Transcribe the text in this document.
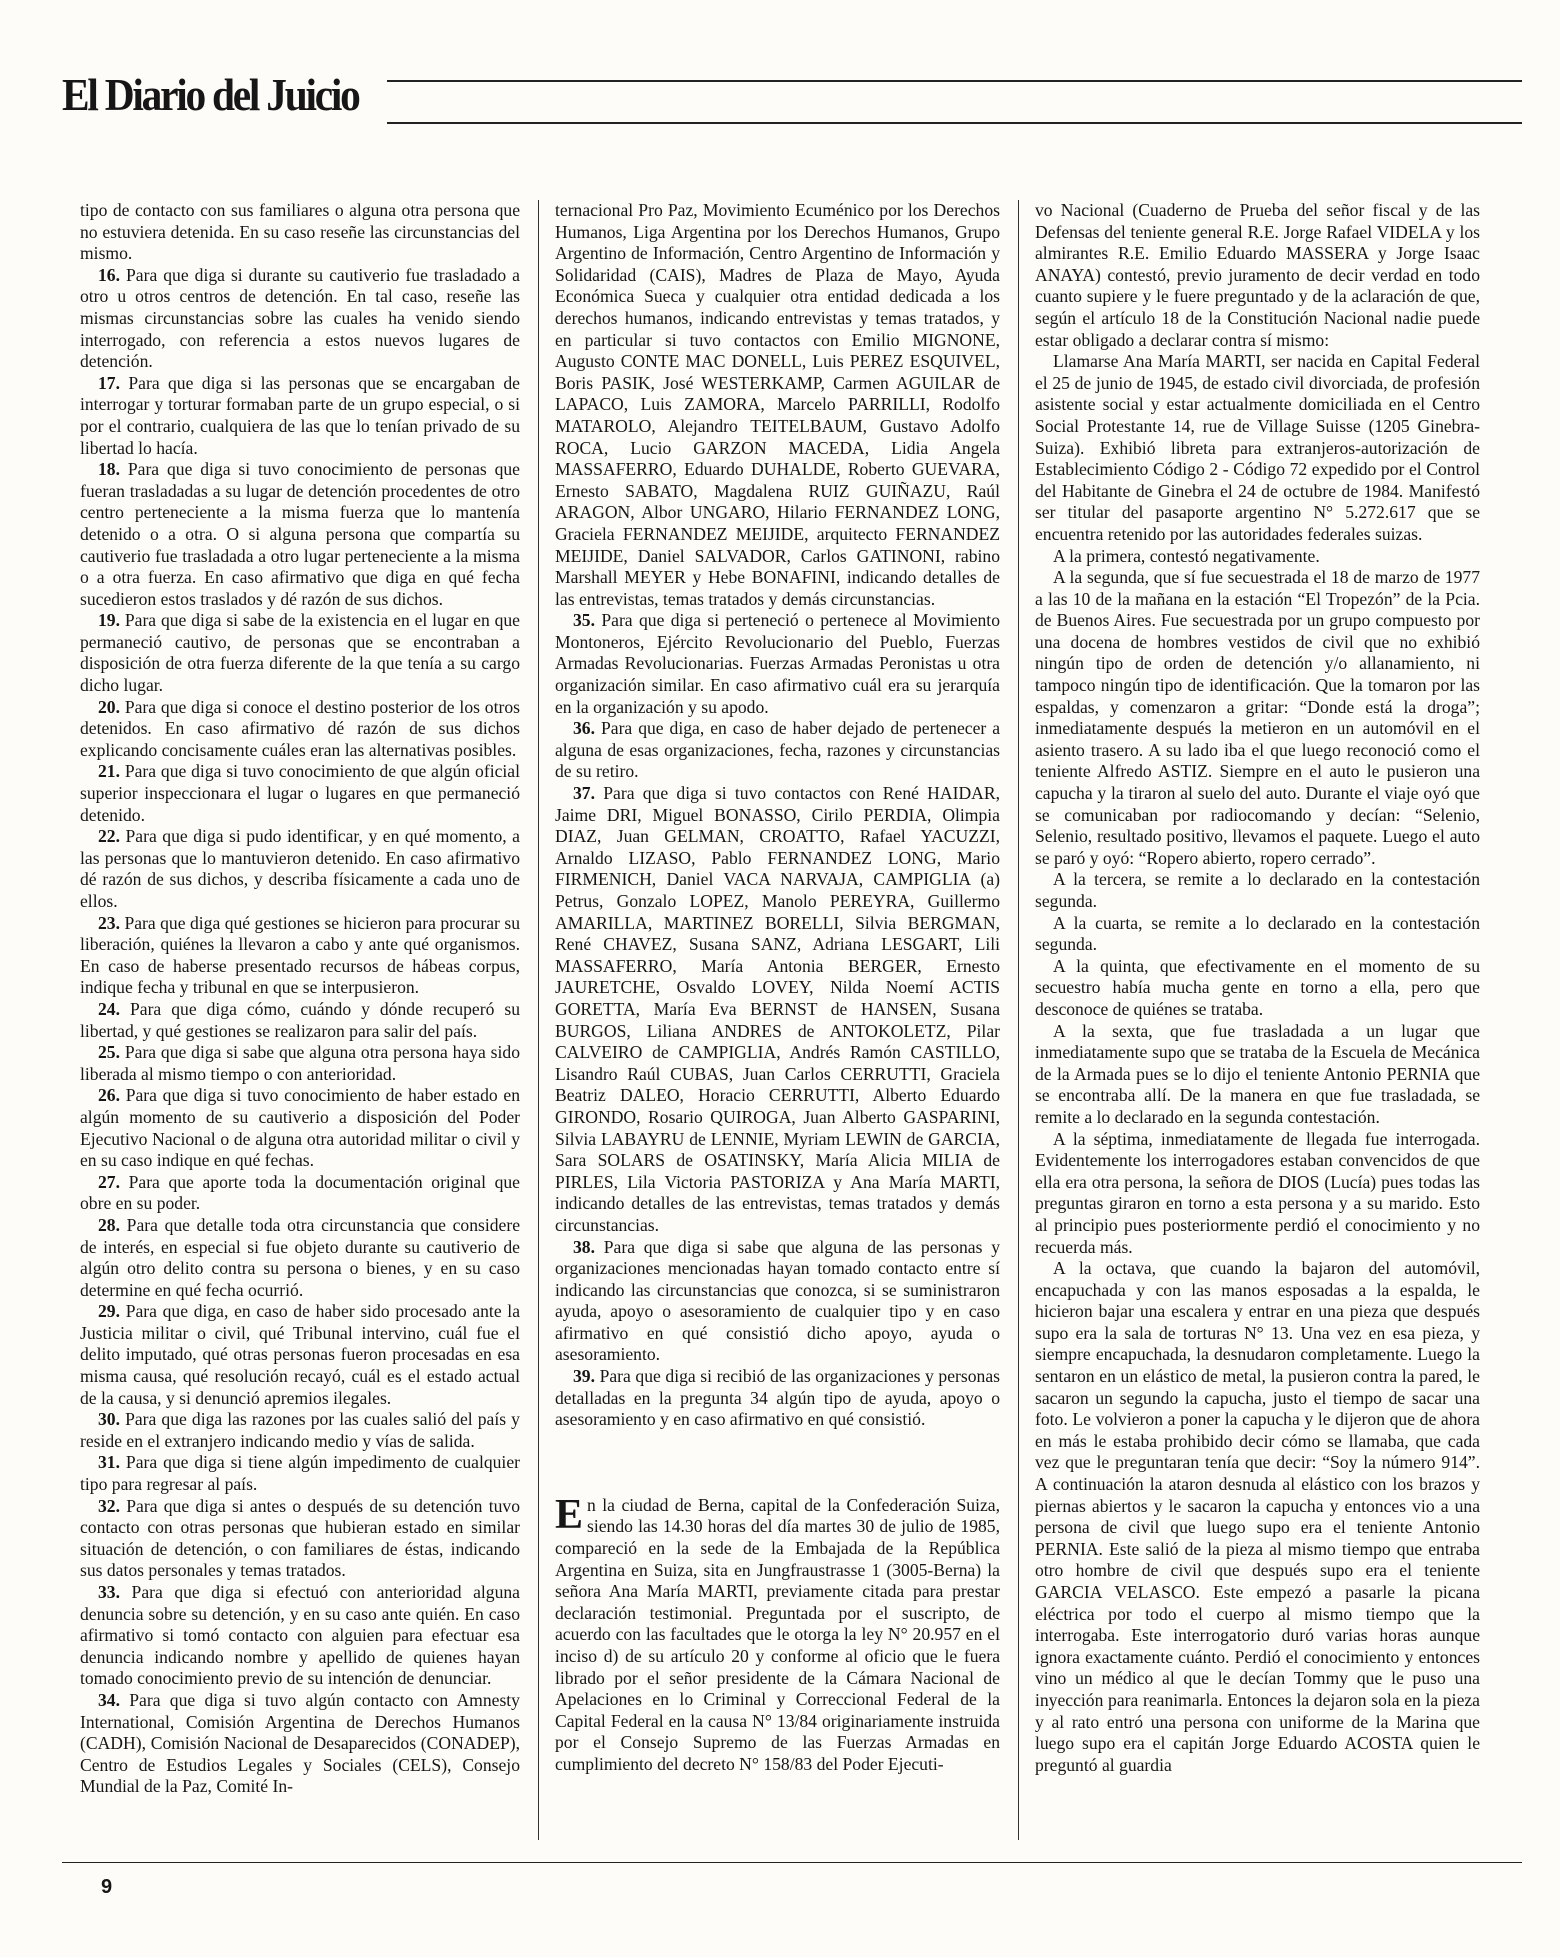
El Diario del Juicio

tipo de contacto con sus familiares o alguna otra persona que no estuviera detenida. En su caso reseñe las circunstancias del mismo.

16. Para que diga si durante su cautiverio fue trasladado a otro u otros centros de detención. En tal caso, reseñe las mismas circunstancias sobre las cuales ha venido siendo interrogado, con referencia a estos nuevos lugares de detención.

17. Para que diga si las personas que se encargaban de interrogar y torturar formaban parte de un grupo especial, o si por el contrario, cualquiera de las que lo tenían privado de su libertad lo hacía.

18. Para que diga si tuvo conocimiento de personas que fueran trasladadas a su lugar de detención procedentes de otro centro perteneciente a la misma fuerza que lo mantenía detenido o a otra. O si alguna persona que compartía su cautiverio fue trasladada a otro lugar perteneciente a la misma o a otra fuerza. En caso afirmativo que diga en qué fecha sucedieron estos traslados y dé razón de sus dichos.

19. Para que diga si sabe de la existencia en el lugar en que permaneció cautivo, de personas que se encontraban a disposición de otra fuerza diferente de la que tenía a su cargo dicho lugar.

20. Para que diga si conoce el destino posterior de los otros detenidos. En caso afirmativo dé razón de sus dichos explicando concisamente cuáles eran las alternativas posibles.

21. Para que diga si tuvo conocimiento de que algún oficial superior inspeccionara el lugar o lugares en que permaneció detenido.

22. Para que diga si pudo identificar, y en qué momento, a las personas que lo mantuvieron detenido. En caso afirmativo dé razón de sus dichos, y describa físicamente a cada uno de ellos.

23. Para que diga qué gestiones se hicieron para procurar su liberación, quiénes la llevaron a cabo y ante qué organismos. En caso de haberse presentado recursos de hábeas corpus, indique fecha y tribunal en que se interpusieron.

24. Para que diga cómo, cuándo y dónde recuperó su libertad, y qué gestiones se realizaron para salir del país.

25. Para que diga si sabe que alguna otra persona haya sido liberada al mismo tiempo o con anterioridad.

26. Para que diga si tuvo conocimiento de haber estado en algún momento de su cautiverio a disposición del Poder Ejecutivo Nacional o de alguna otra autoridad militar o civil y en su caso indique en qué fechas.

27. Para que aporte toda la documentación original que obre en su poder.

28. Para que detalle toda otra circunstancia que considere de interés, en especial si fue objeto durante su cautiverio de algún otro delito contra su persona o bienes, y en su caso determine en qué fecha ocurrió.

29. Para que diga, en caso de haber sido procesado ante la Justicia militar o civil, qué Tribunal intervino, cuál fue el delito imputado, qué otras personas fueron procesadas en esa misma causa, qué resolución recayó, cuál es el estado actual de la causa, y si denunció apremios ilegales.

30. Para que diga las razones por las cuales salió del país y reside en el extranjero indicando medio y vías de salida.

31. Para que diga si tiene algún impedimento de cualquier tipo para regresar al país.

32. Para que diga si antes o después de su detención tuvo contacto con otras personas que hubieran estado en similar situación de detención, o con familiares de éstas, indicando sus datos personales y temas tratados.

33. Para que diga si efectuó con anterioridad alguna denuncia sobre su detención, y en su caso ante quién. En caso afirmativo si tomó contacto con alguien para efectuar esa denuncia indicando nombre y apellido de quienes hayan tomado conocimiento previo de su intención de denunciar.

34. Para que diga si tuvo algún contacto con Amnesty International, Comisión Argentina de Derechos Humanos (CADH), Comisión Nacional de Desaparecidos (CONADEP), Centro de Estudios Legales y Sociales (CELS), Consejo Mundial de la Paz, Comité In-

ternacional Pro Paz, Movimiento Ecuménico por los Derechos Humanos, Liga Argentina por los Derechos Humanos, Grupo Argentino de Información, Centro Argentino de Información y Solidaridad (CAIS), Madres de Plaza de Mayo, Ayuda Económica Sueca y cualquier otra entidad dedicada a los derechos humanos, indicando entrevistas y temas tratados, y en particular si tuvo contactos con Emilio MIGNONE, Augusto CONTE MAC DONELL, Luis PEREZ ESQUIVEL, Boris PASIK, José WESTERKAMP, Carmen AGUILAR de LAPACO, Luis ZAMORA, Marcelo PARRILLI, Rodolfo MATAROLO, Alejandro TEITELBAUM, Gustavo Adolfo ROCA, Lucio GARZON MACEDA, Lidia Angela MASSAFERRO, Eduardo DUHALDE, Roberto GUEVARA, Ernesto SABATO, Magdalena RUIZ GUIÑAZU, Raúl ARAGON, Albor UNGARO, Hilario FERNANDEZ LONG, Graciela FERNANDEZ MEIJIDE, arquitecto FERNANDEZ MEIJIDE, Daniel SALVADOR, Carlos GATINONI, rabino Marshall MEYER y Hebe BONAFINI, indicando detalles de las entrevistas, temas tratados y demás circunstancias.

35. Para que diga si perteneció o pertenece al Movimiento Montoneros, Ejército Revolucionario del Pueblo, Fuerzas Armadas Revolucionarias. Fuerzas Armadas Peronistas u otra organización similar. En caso afirmativo cuál era su jerarquía en la organización y su apodo.

36. Para que diga, en caso de haber dejado de pertenecer a alguna de esas organizaciones, fecha, razones y circunstancias de su retiro.

37. Para que diga si tuvo contactos con René HAIDAR, Jaime DRI, Miguel BONASSO, Cirilo PERDIA, Olimpia DIAZ, Juan GELMAN, CROATTO, Rafael YACUZZI, Arnaldo LIZASO, Pablo FERNANDEZ LONG, Mario FIRMENICH, Daniel VACA NARVAJA, CAMPIGLIA (a) Petrus, Gonzalo LOPEZ, Manolo PEREYRA, Guillermo AMARILLA, MARTINEZ BORELLI, Silvia BERGMAN, René CHAVEZ, Susana SANZ, Adriana LESGART, Lili MASSAFERRO, María Antonia BERGER, Ernesto JAURETCHE, Osvaldo LOVEY, Nilda Noemí ACTIS GORETTA, María Eva BERNST de HANSEN, Susana BURGOS, Liliana ANDRES de ANTOKOLETZ, Pilar CALVEIRO de CAMPIGLIA, Andrés Ramón CASTILLO, Lisandro Raúl CUBAS, Juan Carlos CERRUTTI, Graciela Beatriz DALEO, Horacio CERRUTTI, Alberto Eduardo GIRONDO, Rosario QUIROGA, Juan Alberto GASPARINI, Silvia LABAYRU de LENNIE, Myriam LEWIN de GARCIA, Sara SOLARS de OSATINSKY, María Alicia MILIA de PIRLES, Lila Victoria PASTORIZA y Ana María MARTI, indicando detalles de las entrevistas, temas tratados y demás circunstancias.

38. Para que diga si sabe que alguna de las personas y organizaciones mencionadas hayan tomado contacto entre sí indicando las circunstancias que conozca, si se suministraron ayuda, apoyo o asesoramiento de cualquier tipo y en caso afirmativo en qué consistió dicho apoyo, ayuda o asesoramiento.

39. Para que diga si recibió de las organizaciones y personas detalladas en la pregunta 34 algún tipo de ayuda, apoyo o asesoramiento y en caso afirmativo en qué consistió.

En la ciudad de Berna, capital de la Confederación Suiza, siendo las 14.30 horas del día martes 30 de julio de 1985, compareció en la sede de la Embajada de la República Argentina en Suiza, sita en Jungfraustrasse 1 (3005-Berna) la señora Ana María MARTI, previamente citada para prestar declaración testimonial. Preguntada por el suscripto, de acuerdo con las facultades que le otorga la ley N° 20.957 en el inciso d) de su artículo 20 y conforme al oficio que le fuera librado por el señor presidente de la Cámara Nacional de Apelaciones en lo Criminal y Correccional Federal de la Capital Federal en la causa N° 13/84 originariamente instruida por el Consejo Supremo de las Fuerzas Armadas en cumplimiento del decreto N° 158/83 del Poder Ejecuti-

vo Nacional (Cuaderno de Prueba del señor fiscal y de las Defensas del teniente general R.E. Jorge Rafael VIDELA y los almirantes R.E. Emilio Eduardo MASSERA y Jorge Isaac ANAYA) contestó, previo juramento de decir verdad en todo cuanto supiere y le fuere preguntado y de la aclaración de que, según el artículo 18 de la Constitución Nacional nadie puede estar obligado a declarar contra sí mismo:

Llamarse Ana María MARTI, ser nacida en Capital Federal el 25 de junio de 1945, de estado civil divorciada, de profesión asistente social y estar actualmente domiciliada en el Centro Social Protestante 14, rue de Village Suisse (1205 Ginebra-Suiza). Exhibió libreta para extranjeros-autorización de Establecimiento Código 2 - Código 72 expedido por el Control del Habitante de Ginebra el 24 de octubre de 1984. Manifestó ser titular del pasaporte argentino N° 5.272.617 que se encuentra retenido por las autoridades federales suizas.

A la primera, contestó negativamente.

A la segunda, que sí fue secuestrada el 18 de marzo de 1977 a las 10 de la mañana en la estación “El Tropezón” de la Pcia. de Buenos Aires. Fue secuestrada por un grupo compuesto por una docena de hombres vestidos de civil que no exhibió ningún tipo de orden de detención y/o allanamiento, ni tampoco ningún tipo de identificación. Que la tomaron por las espaldas, y comenzaron a gritar: “Donde está la droga”; inmediatamente después la metieron en un automóvil en el asiento trasero. A su lado iba el que luego reconoció como el teniente Alfredo ASTIZ. Siempre en el auto le pusieron una capucha y la tiraron al suelo del auto. Durante el viaje oyó que se comunicaban por radiocomando y decían: “Selenio, Selenio, resultado positivo, llevamos el paquete. Luego el auto se paró y oyó: “Ropero abierto, ropero cerrado”.

A la tercera, se remite a lo declarado en la contestación segunda.

A la cuarta, se remite a lo declarado en la contestación segunda.

A la quinta, que efectivamente en el momento de su secuestro había mucha gente en torno a ella, pero que desconoce de quiénes se trataba.

A la sexta, que fue trasladada a un lugar que inmediatamente supo que se trataba de la Escuela de Mecánica de la Armada pues se lo dijo el teniente Antonio PERNIA que se encontraba allí. De la manera en que fue trasladada, se remite a lo declarado en la segunda contestación.

A la séptima, inmediatamente de llegada fue interrogada. Evidentemente los interrogadores estaban convencidos de que ella era otra persona, la señora de DIOS (Lucía) pues todas las preguntas giraron en torno a esta persona y a su marido. Esto al principio pues posteriormente perdió el conocimiento y no recuerda más.

A la octava, que cuando la bajaron del automóvil, encapuchada y con las manos esposadas a la espalda, le hicieron bajar una escalera y entrar en una pieza que después supo era la sala de torturas N° 13. Una vez en esa pieza, y siempre encapuchada, la desnudaron completamente. Luego la sentaron en un elástico de metal, la pusieron contra la pared, le sacaron un segundo la capucha, justo el tiempo de sacar una foto. Le volvieron a poner la capucha y le dijeron que de ahora en más le estaba prohibido decir cómo se llamaba, que cada vez que le preguntaran tenía que decir: “Soy la número 914”. A continuación la ataron desnuda al elástico con los brazos y piernas abiertos y le sacaron la capucha y entonces vio a una persona de civil que luego supo era el teniente Antonio PERNIA. Este salió de la pieza al mismo tiempo que entraba otro hombre de civil que después supo era el teniente GARCIA VELASCO. Este empezó a pasarle la picana eléctrica por todo el cuerpo al mismo tiempo que la interrogaba. Este interrogatorio duró varias horas aunque ignora exactamente cuánto. Perdió el conocimiento y entonces vino un médico al que le decían Tommy que le puso una inyección para reanimarla. Entonces la dejaron sola en la pieza y al rato entró una persona con uniforme de la Marina que luego supo era el capitán Jorge Eduardo ACOSTA quien le preguntó al guardia

9
